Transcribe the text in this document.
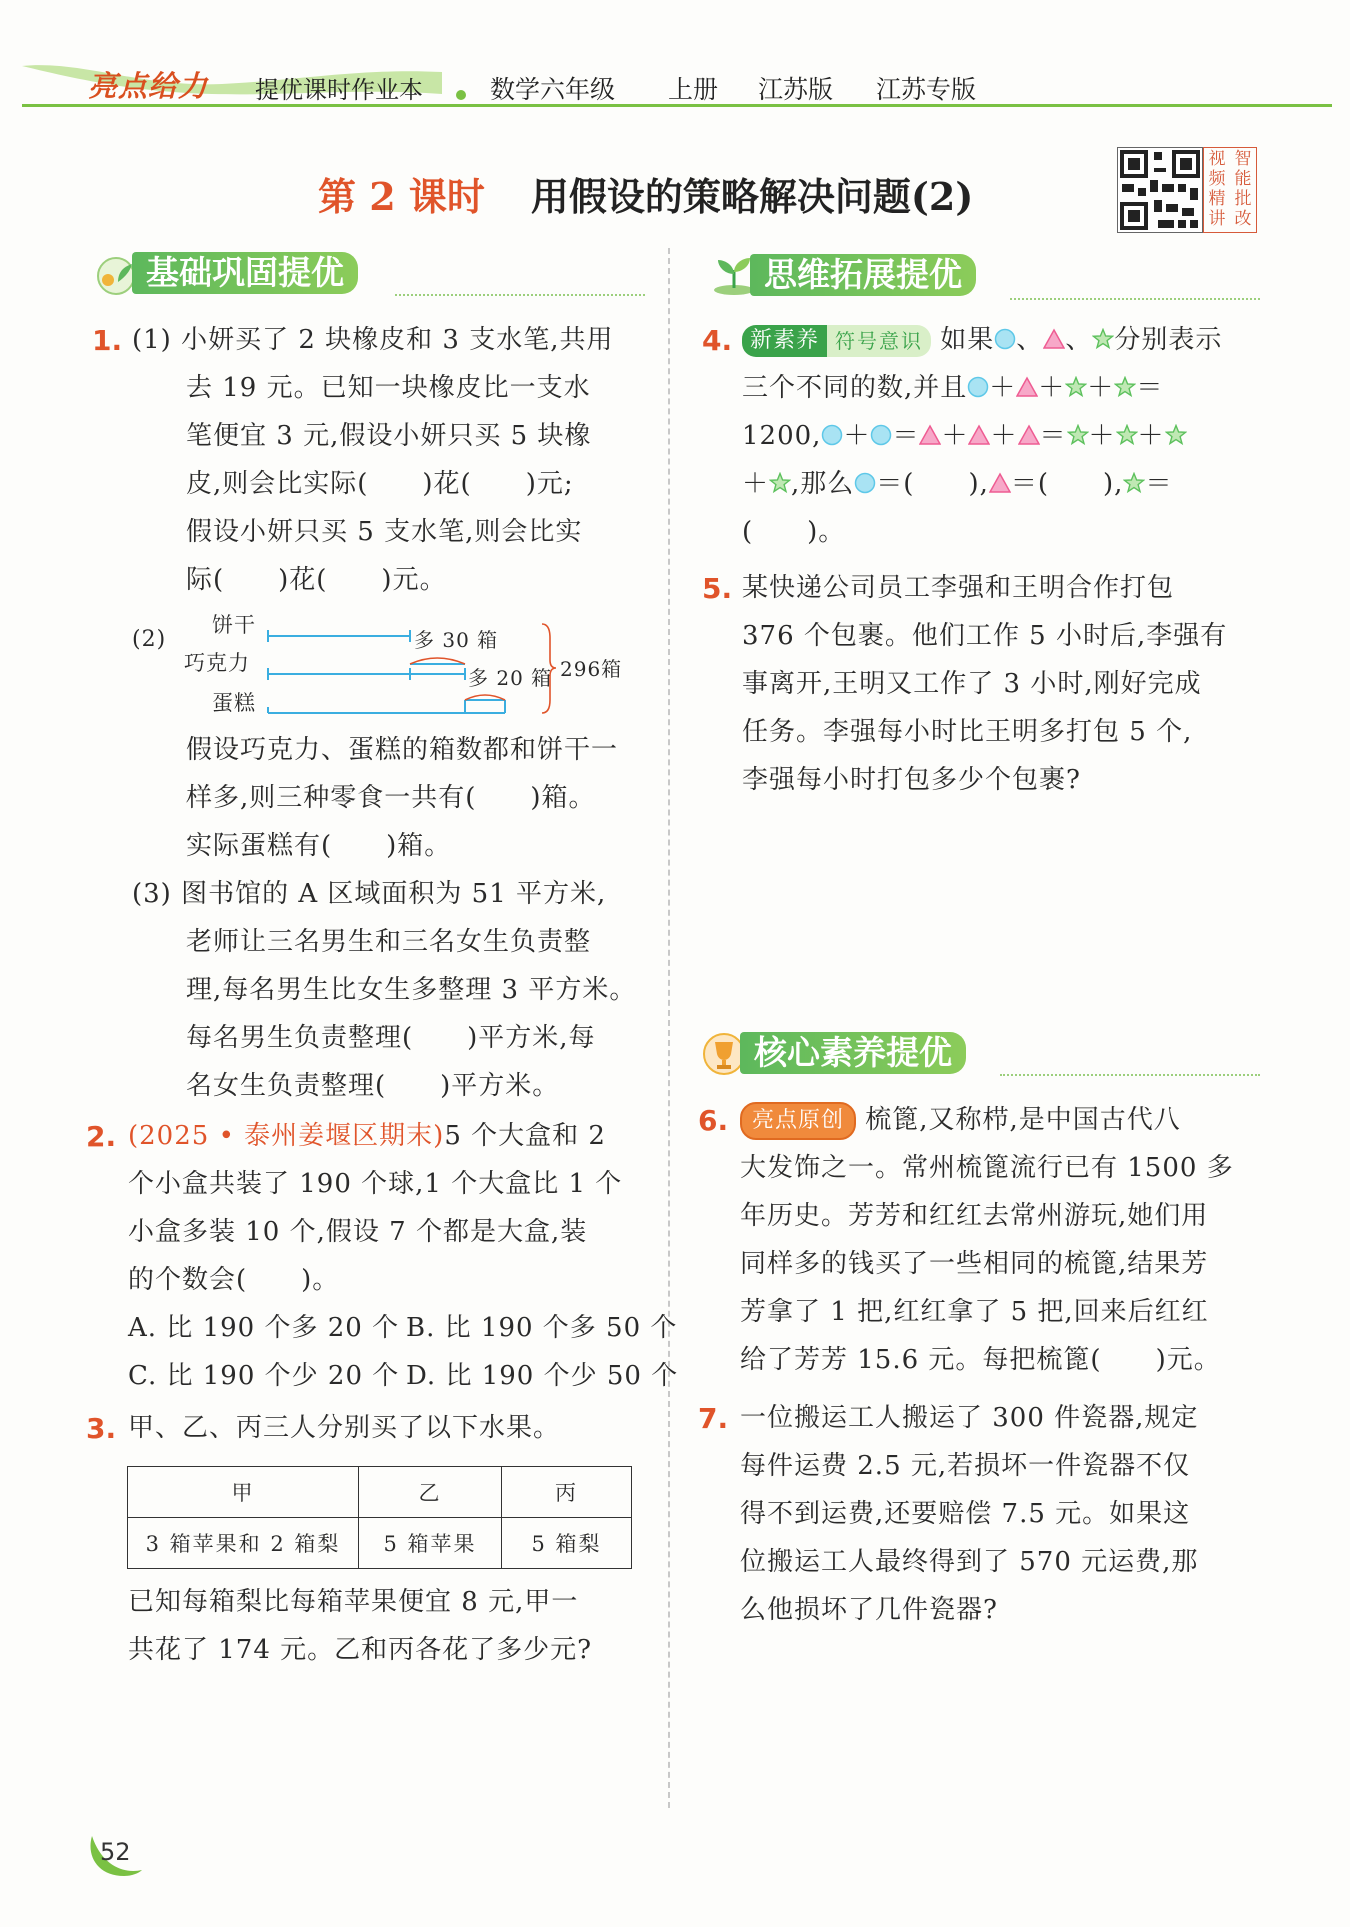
亮点给力 提优课时作业本	数学六年级 上册 江苏版 江苏专版
第 2 课时 用假设的策略解决问题(2)
视频精讲
智能批改
基础巩固提优	思维拓展提优
核心素养提优
1. (1) 小妍买了 2 块橡皮和 3 支水笔,共用
去 19 元。已知一块橡皮比一支水
笔便宜 3 元,假设小妍只买 5 块橡
皮,则会比实际(　　)花(　　)元;
假设小妍只买 5 支水笔,则会比实
际(　　)花(　　)元。
(2)
饼干
巧克力
蛋糕
多 30 箱
多 20 箱 296箱
假设巧克力、蛋糕的箱数都和饼干一
样多,则三种零食一共有(　　)箱。
实际蛋糕有(　　)箱。
(3) 图书馆的 A 区域面积为 51 平方米,
老师让三名男生和三名女生负责整
理,每名男生比女生多整理 3 平方米。
每名男生负责整理(　　)平方米,每
名女生负责整理(　　)平方米。
2. (2025 • 泰州姜堰区期末)5 个大盒和 2
个小盒共装了 190 个球,1 个大盒比 1 个
小盒多装 10 个,假设 7 个都是大盒,装
的个数会(　　)。
A. 比 190 个多 20 个 B. 比 190 个多 50 个
C. 比 190 个少 20 个 D. 比 190 个少 50 个
3. 甲、乙、丙三人分别买了以下水果。
甲	乙	丙
3 箱苹果和 2 箱梨	5 箱苹果	5 箱梨
已知每箱梨比每箱苹果便宜 8 元,甲一
共花了 174 元。乙和丙各花了多少元?
4. 新素养 符号意识 如果 、 、 分别表示
三个不同的数,并且 ＋ ＋ ＋ ＝
1200, ＋ ＝ ＋ ＋ ＝ ＋ ＋
＋ ,那么 ＝(　　), ＝(　　), ＝
(　　)。
5. 某快递公司员工李强和王明合作打包
376 个包裹。他们工作 5 小时后,李强有
事离开,王明又工作了 3 小时,刚好完成
任务。李强每小时比王明多打包 5 个,
李强每小时打包多少个包裹?
6.	亮点原创 梳篦,又称栉,是中国古代八
大发饰之一。常州梳篦流行已有 1500 多
年历史。芳芳和红红去常州游玩,她们用
同样多的钱买了一些相同的梳篦,结果芳
芳拿了 1 把,红红拿了 5 把,回来后红红
给了芳芳 15.6 元。每把梳篦(　　)元。
7. 一位搬运工人搬运了 300 件瓷器,规定
每件运费 2.5 元,若损坏一件瓷器不仅
得不到运费,还要赔偿 7.5 元。如果这
位搬运工人最终得到了 570 元运费,那
么他损坏了几件瓷器?
52
